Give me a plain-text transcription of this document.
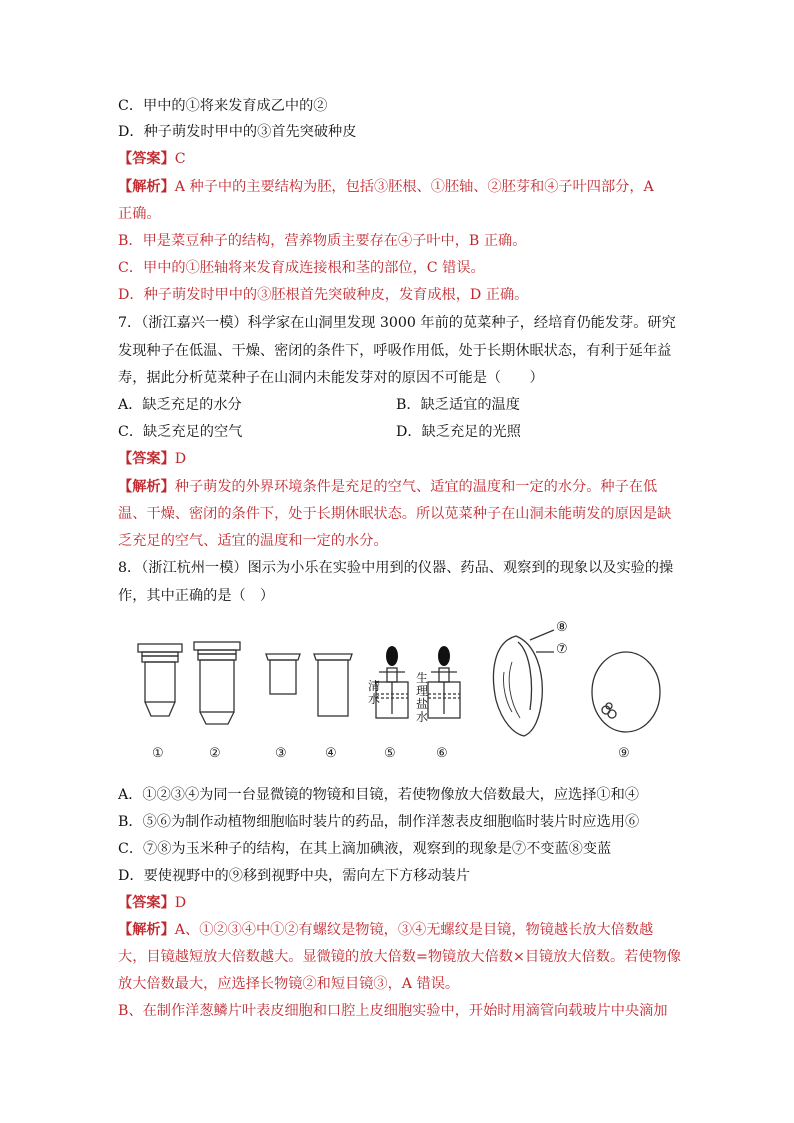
C．甲中的①将来发育成乙中的②
D．种子萌发时甲中的③首先突破种皮
【答案】C
【解析】A 种子中的主要结构为胚，包括③胚根、①胚轴、②胚芽和④子叶四部分，A
正确。
B．甲是菜豆种子的结构，营养物质主要存在④子叶中，B 正确。
C．甲中的①胚轴将来发育成连接根和茎的部位，C 错误。
D．种子萌发时甲中的③胚根首先突破种皮，发育成根，D 正确。
7．（浙江嘉兴一模）科学家在山洞里发现 3000 年前的苋菜种子，经培育仍能发芽。研究
发现种子在低温、干燥、密闭的条件下，呼吸作用低，处于长期休眠状态，有利于延年益
寿，据此分析苋菜种子在山洞内未能发芽对的原因不可能是（　　）
A．缺乏充足的水分	B．缺乏适宜的温度
C．缺乏充足的空气	D．缺乏充足的光照
【答案】D
【解析】种子萌发的外界环境条件是充足的空气、适宜的温度和一定的水分。种子在低
温、干燥、密闭的条件下，处于长期休眠状态。所以苋菜种子在山洞未能萌发的原因是缺
乏充足的空气、适宜的温度和一定的水分。
8．（浙江杭州一模）图示为小乐在实验中用到的仪器、药品、观察到的现象以及实验的操
作，其中正确的是（　）
清水
生理盐水
⑧
⑦
①	②	③	④	⑤	⑥	⑨
A．①②③④为同一台显微镜的物镜和目镜，若使物像放大倍数最大，应选择①和④
B．⑤⑥为制作动植物细胞临时装片的药品，制作洋葱表皮细胞临时装片时应选用⑥
C．⑦⑧为玉米种子的结构，在其上滴加碘液，观察到的现象是⑦不变蓝⑧变蓝
D．要使视野中的⑨移到视野中央，需向左下方移动装片
【答案】D
【解析】A、①②③④中①②有螺纹是物镜，③④无螺纹是目镜，物镜越长放大倍数越
大，目镜越短放大倍数越大。显微镜的放大倍数=物镜放大倍数×目镜放大倍数。若使物像
放大倍数最大，应选择长物镜②和短目镜③，A 错误。
B、在制作洋葱鳞片叶表皮细胞和口腔上皮细胞实验中，开始时用滴管向载玻片中央滴加
